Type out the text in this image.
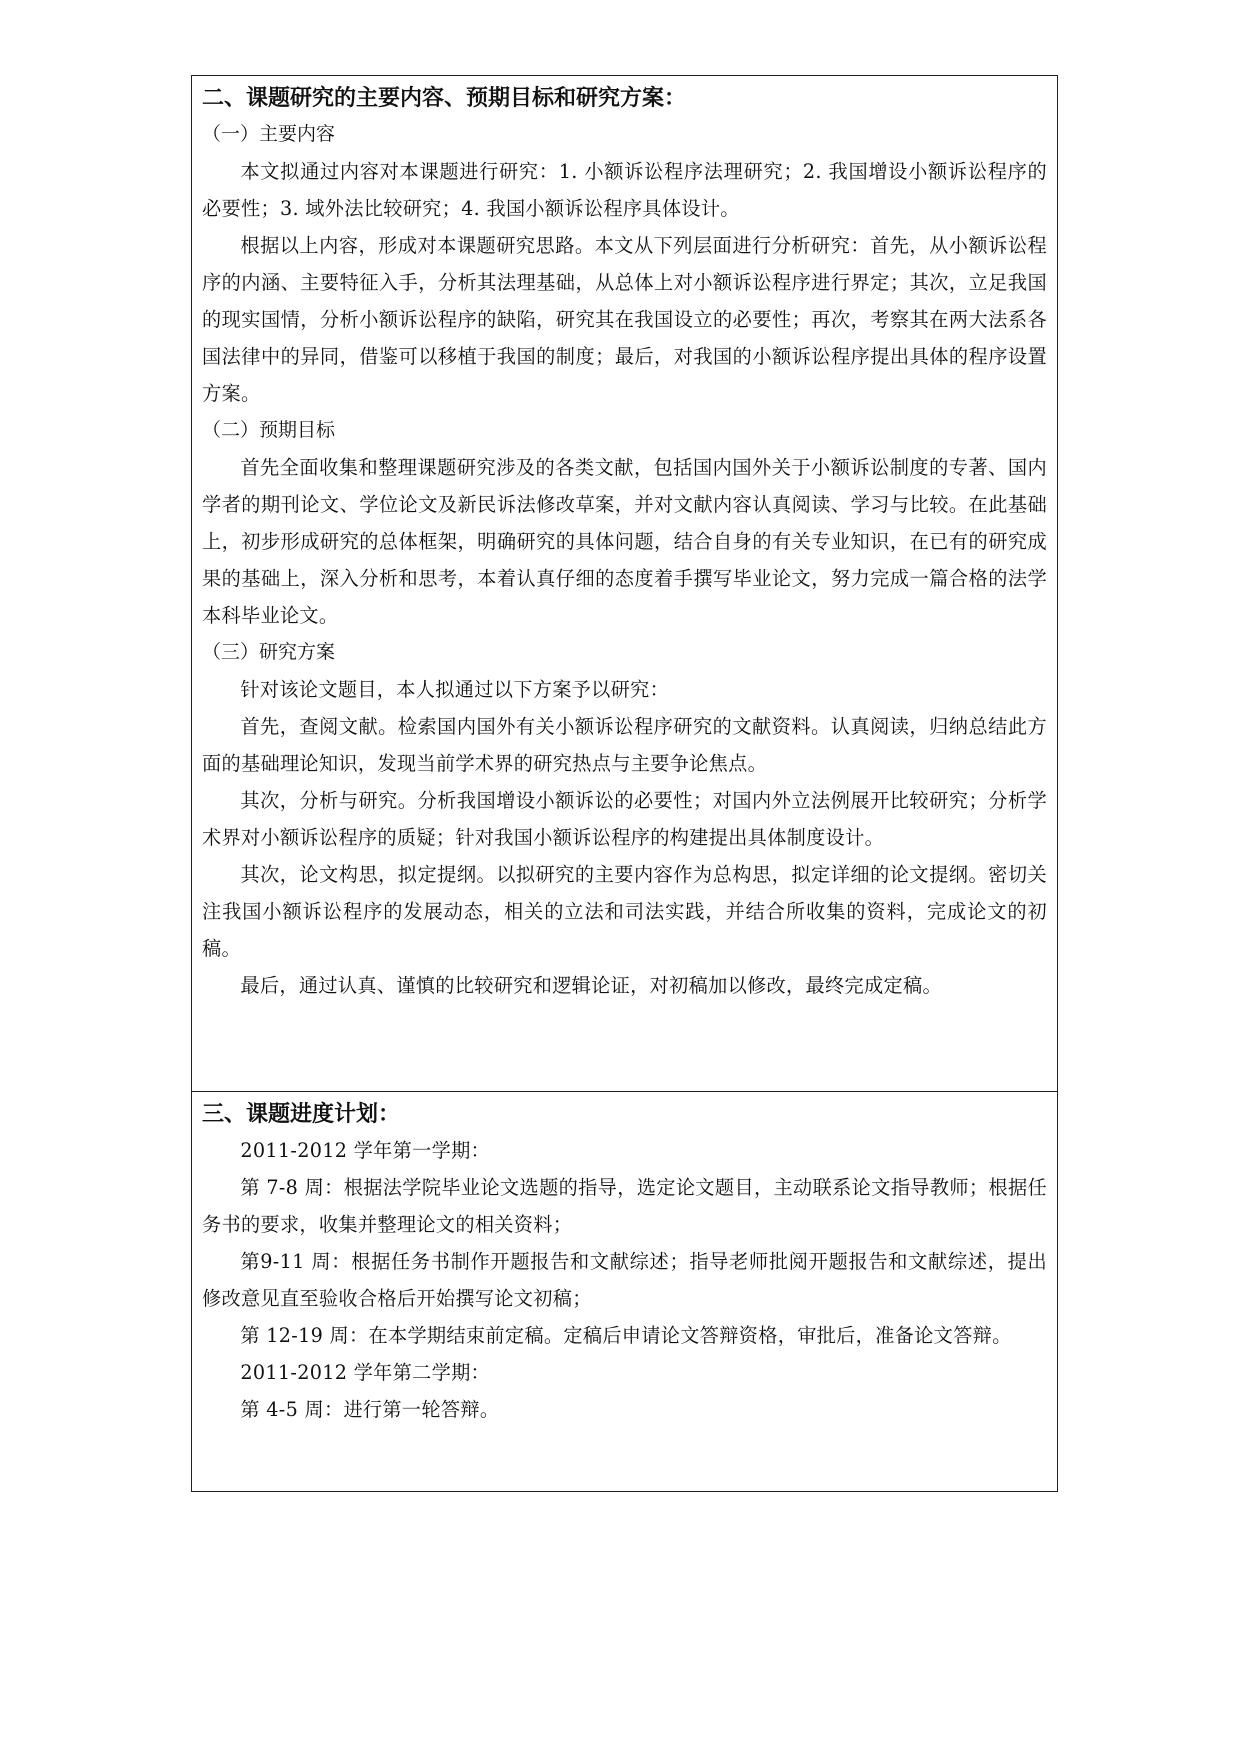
二、课题研究的主要内容、预期目标和研究方案：

（一）主要内容

本文拟通过内容对本课题进行研究：1. 小额诉讼程序法理研究；2. 我国增设小额诉讼程序的必要性；3. 域外法比较研究；4. 我国小额诉讼程序具体设计。

根据以上内容，形成对本课题研究思路。本文从下列层面进行分析研究：首先，从小额诉讼程序的内涵、主要特征入手，分析其法理基础，从总体上对小额诉讼程序进行界定；其次，立足我国的现实国情，分析小额诉讼程序的缺陷，研究其在我国设立的必要性；再次，考察其在两大法系各国法律中的异同，借鉴可以移植于我国的制度；最后，对我国的小额诉讼程序提出具体的程序设置方案。

（二）预期目标

首先全面收集和整理课题研究涉及的各类文献，包括国内国外关于小额诉讼制度的专著、国内学者的期刊论文、学位论文及新民诉法修改草案，并对文献内容认真阅读、学习与比较。在此基础上，初步形成研究的总体框架，明确研究的具体问题，结合自身的有关专业知识，在已有的研究成果的基础上，深入分析和思考，本着认真仔细的态度着手撰写毕业论文，努力完成一篇合格的法学本科毕业论文。

（三）研究方案

针对该论文题目，本人拟通过以下方案予以研究：

首先，查阅文献。检索国内国外有关小额诉讼程序研究的文献资料。认真阅读，归纳总结此方面的基础理论知识，发现当前学术界的研究热点与主要争论焦点。

其次，分析与研究。分析我国增设小额诉讼的必要性；对国内外立法例展开比较研究；分析学术界对小额诉讼程序的质疑；针对我国小额诉讼程序的构建提出具体制度设计。

其次，论文构思，拟定提纲。以拟研究的主要内容作为总构思，拟定详细的论文提纲。密切关注我国小额诉讼程序的发展动态，相关的立法和司法实践，并结合所收集的资料，完成论文的初稿。

最后，通过认真、谨慎的比较研究和逻辑论证，对初稿加以修改，最终完成定稿。

三、课题进度计划：

2011-2012 学年第一学期：

第 7-8 周：根据法学院毕业论文选题的指导，选定论文题目，主动联系论文指导教师；根据任务书的要求，收集并整理论文的相关资料；

第9-11 周：根据任务书制作开题报告和文献综述；指导老师批阅开题报告和文献综述，提出修改意见直至验收合格后开始撰写论文初稿；

第 12-19 周：在本学期结束前定稿。定稿后申请论文答辩资格，审批后，准备论文答辩。

2011-2012 学年第二学期：

第 4-5 周：进行第一轮答辩。
